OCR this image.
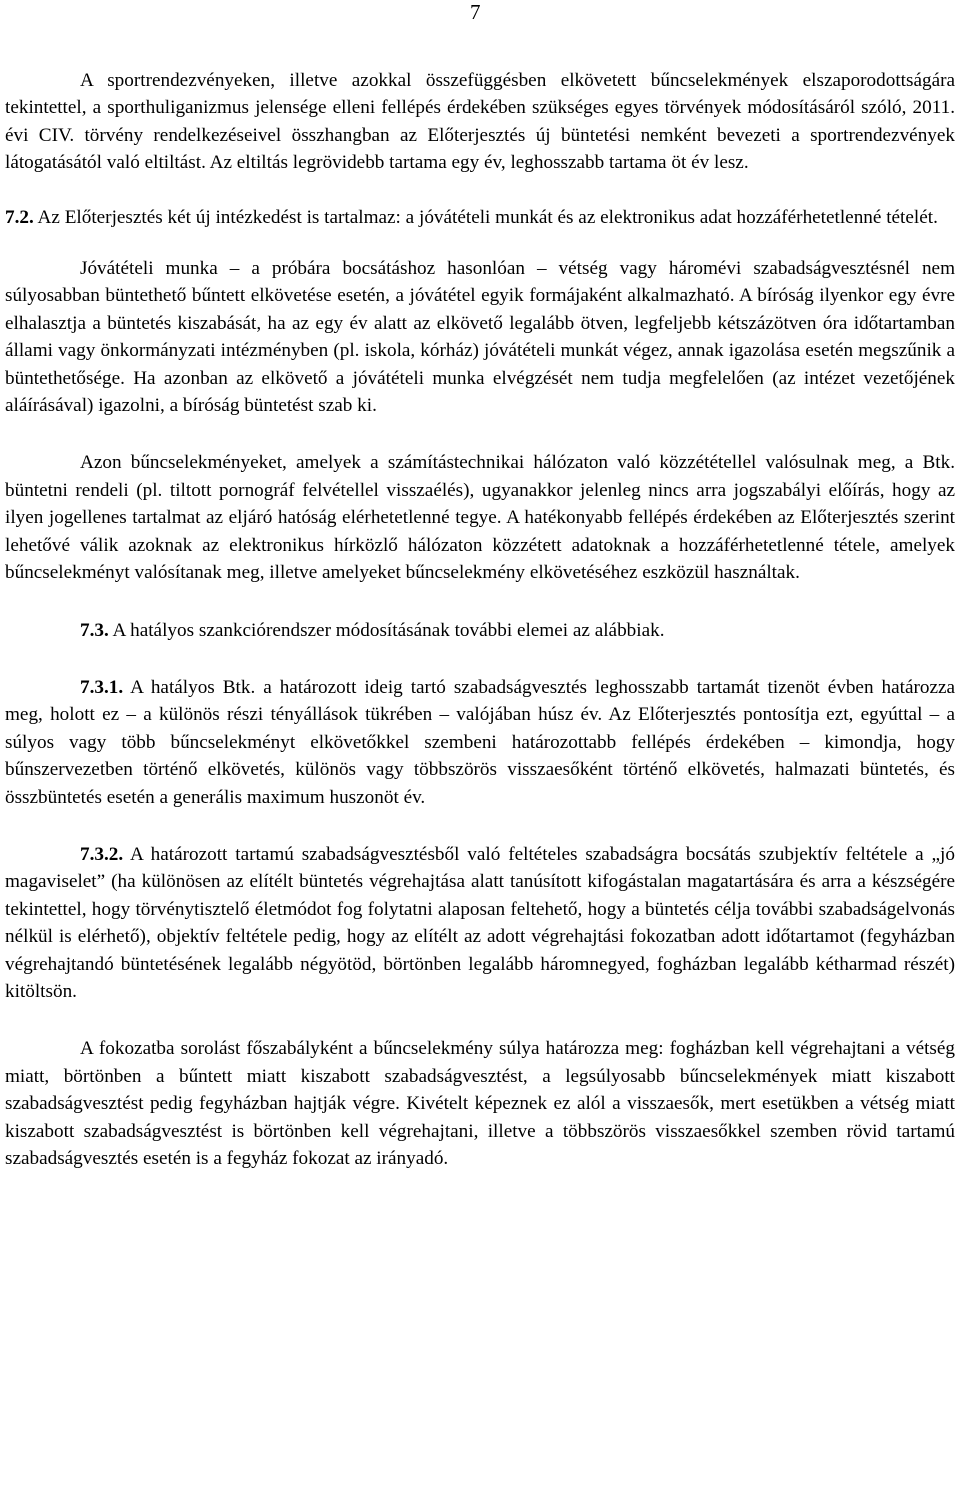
7

A sportrendezvényeken, illetve azokkal összefüggésben elkövetett bűncselekmények elszaporodottságára tekintettel, a sporthuliganizmus jelensége elleni fellépés érdekében szükséges egyes törvények módosításáról szóló, 2011. évi CIV. törvény rendelkezéseivel összhangban az Előterjesztés új büntetési nemként bevezeti a sportrendezvények látogatásától való eltiltást. Az eltiltás legrövidebb tartama egy év, leghosszabb tartama öt év lesz.

7.2. Az Előterjesztés két új intézkedést is tartalmaz: a jóvátételi munkát és az elektronikus adat hozzáférhetetlenné tételét.

Jóvátételi munka – a próbára bocsátáshoz hasonlóan – vétség vagy háromévi szabadságvesztésnél nem súlyosabban büntethető bűntett elkövetése esetén, a jóvátétel egyik formájaként alkalmazható. A bíróság ilyenkor egy évre elhalasztja a büntetés kiszabását, ha az egy év alatt az elkövető legalább ötven, legfeljebb kétszázötven óra időtartamban állami vagy önkormányzati intézményben (pl. iskola, kórház) jóvátételi munkát végez, annak igazolása esetén megszűnik a büntethetősége. Ha azonban az elkövető a jóvátételi munka elvégzését nem tudja megfelelően (az intézet vezetőjének aláírásával) igazolni, a bíróság büntetést szab ki.

Azon bűncselekményeket, amelyek a számítástechnikai hálózaton való közzététellel valósulnak meg, a Btk. büntetni rendeli (pl. tiltott pornográf felvétellel visszaélés), ugyanakkor jelenleg nincs arra jogszabályi előírás, hogy az ilyen jogellenes tartalmat az eljáró hatóság elérhetetlenné tegye. A hatékonyabb fellépés érdekében az Előterjesztés szerint lehetővé válik azoknak az elektronikus hírközlő hálózaton közzétett adatoknak a hozzáférhetetlenné tétele, amelyek bűncselekményt valósítanak meg, illetve amelyeket bűncselekmény elkövetéséhez eszközül használtak.

7.3. A hatályos szankciórendszer módosításának további elemei az alábbiak.

7.3.1. A hatályos Btk. a határozott ideig tartó szabadságvesztés leghosszabb tartamát tizenöt évben határozza meg, holott ez – a különös részi tényállások tükrében – valójában húsz év. Az Előterjesztés pontosítja ezt, egyúttal – a súlyos vagy több bűncselekményt elkövetőkkel szembeni határozottabb fellépés érdekében – kimondja, hogy bűnszervezetben történő elkövetés, különös vagy többszörös visszaesőként történő elkövetés, halmazati büntetés, és összbüntetés esetén a generális maximum huszonöt év.

7.3.2. A határozott tartamú szabadságvesztésből való feltételes szabadságra bocsátás szubjektív feltétele a „jó magaviselet” (ha különösen az elítélt büntetés végrehajtása alatt tanúsított kifogástalan magatartására és arra a készségére tekintettel, hogy törvénytisztelő életmódot fog folytatni alaposan feltehető, hogy a büntetés célja további szabadságelvonás nélkül is elérhető), objektív feltétele pedig, hogy az elítélt az adott végrehajtási fokozatban adott időtartamot (fegyházban végrehajtandó büntetésének legalább négyötöd, börtönben legalább háromnegyed, fogházban legalább kétharmad részét) kitöltsön.

A fokozatba sorolást főszabályként a bűncselekmény súlya határozza meg: fogházban kell végrehajtani a vétség miatt, börtönben a bűntett miatt kiszabott szabadságvesztést, a legsúlyosabb bűncselekmények miatt kiszabott szabadságvesztést pedig fegyházban hajtják végre. Kivételt képeznek ez alól a visszaesők, mert esetükben a vétség miatt kiszabott szabadságvesztést is börtönben kell végrehajtani, illetve a többszörös visszaesőkkel szemben rövid tartamú szabadságvesztés esetén is a fegyház fokozat az irányadó.
